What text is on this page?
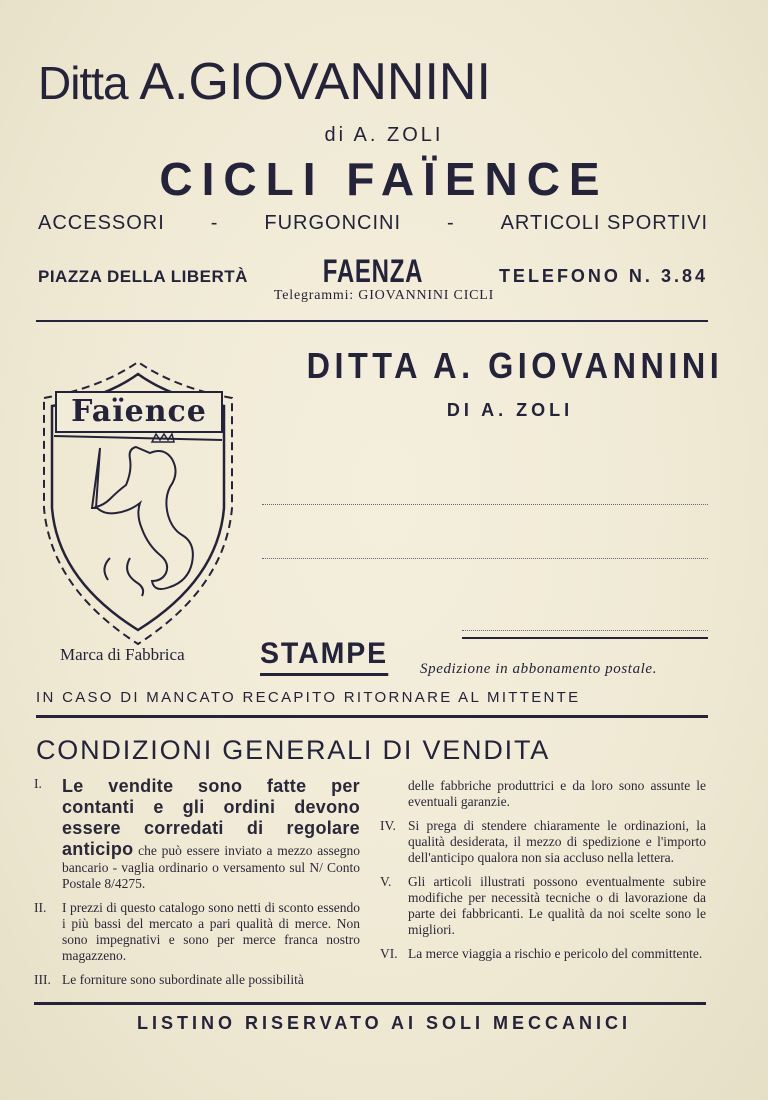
Ditta A.GIOVANNINI
di A. ZOLI
CICLI FAÏENCE
ACCESSORI - FURGONCINI - ARTICOLI SPORTIVI
PIAZZA DELLA LIBERTÀ FAENZA	TELEFONO N. 3.84
Telegrammi: GIOVANNINI CICLI
Faïence
Marca di Fabbrica
DITTA A. GIOVANNINI
DI A. ZOLI
STAMPE Spedizione in abbonamento postale.
IN CASO DI MANCATO RECAPITO RITORNARE AL MITTENTE
CONDIZIONI GENERALI DI VENDITA
I.	Le vendite sono fatte per contanti e gli ordini devono essere corredati di regolare anticipo che può essere inviato a mezzo assegno bancario - vaglia ordinario o versamento sul N/ Conto Postale 8/4275.
II.	I prezzi di questo catalogo sono netti di sconto essendo i più bassi del mercato a pari qualità di merce. Non sono impegnativi e sono per merce franca nostro magazzeno.
III. Le forniture sono subordinate alle possibilità
delle fabbriche produttrici e da loro sono assunte le eventuali garanzie.
IV. Si prega di stendere chiaramente le ordinazioni, la qualità desiderata, il mezzo di spedizione e l'importo dell'anticipo qualora non sia accluso nella lettera.
V.	Gli articoli illustrati possono eventualmente subire modifiche per necessità tecniche o di lavorazione da parte dei fabbricanti. Le qualità da noi scelte sono le migliori.
VI. La merce viaggia a rischio e pericolo del committente.
LISTINO RISERVATO AI SOLI MECCANICI
